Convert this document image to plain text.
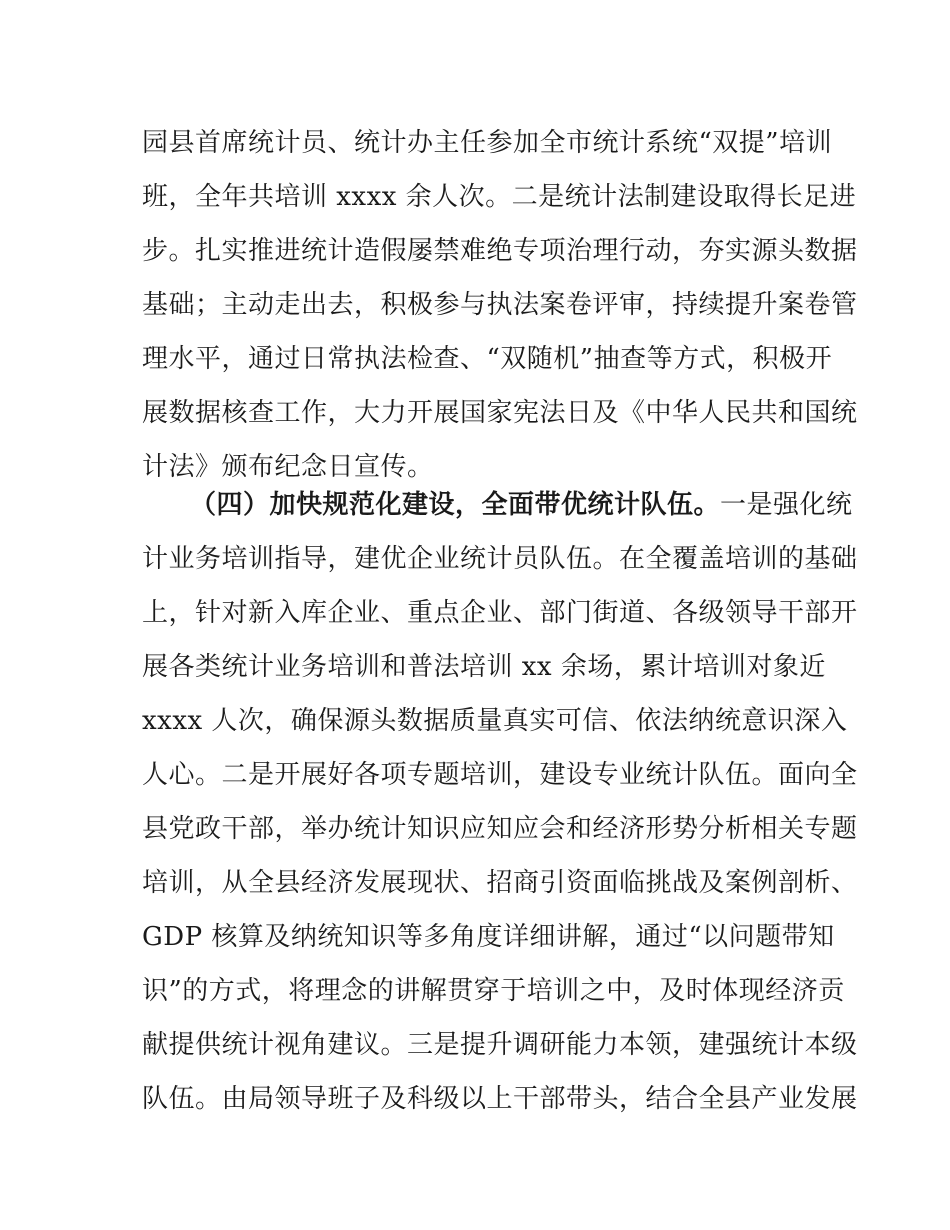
园县首席统计员、统计办主任参加全市统计系统“双提”培训
班，全年共培训 xxxx 余人次。二是统计法制建设取得长足进
步。扎实推进统计造假屡禁难绝专项治理行动，夯实源头数据
基础；主动走出去，积极参与执法案卷评审，持续提升案卷管
理水平，通过日常执法检查、“双随机”抽查等方式，积极开
展数据核查工作，大力开展国家宪法日及《中华人民共和国统
计法》颁布纪念日宣传。
（四）加快规范化建设，全面带优统计队伍。一是强化统
计业务培训指导，建优企业统计员队伍。在全覆盖培训的基础
上，针对新入库企业、重点企业、部门街道、各级领导干部开
展各类统计业务培训和普法培训 xx 余场，累计培训对象近
xxxx 人次，确保源头数据质量真实可信、依法纳统意识深入
人心。二是开展好各项专题培训，建设专业统计队伍。面向全
县党政干部，举办统计知识应知应会和经济形势分析相关专题
培训，从全县经济发展现状、招商引资面临挑战及案例剖析、
GDP 核算及纳统知识等多角度详细讲解，通过“以问题带知
识”的方式，将理念的讲解贯穿于培训之中，及时体现经济贡
献提供统计视角建议。三是提升调研能力本领，建强统计本级
队伍。由局领导班子及科级以上干部带头，结合全县产业发展
